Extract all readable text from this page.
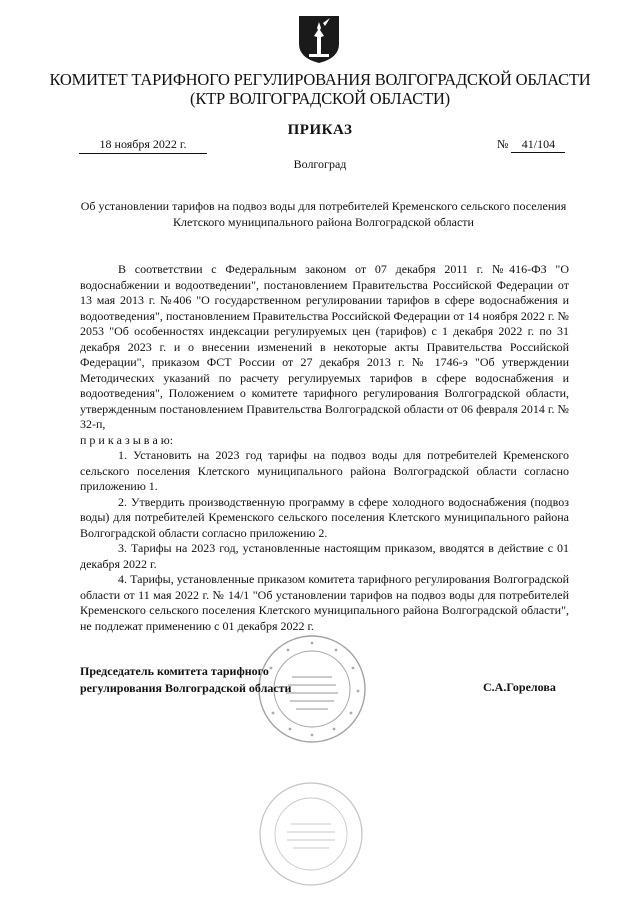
КОМИТЕТ ТАРИФНОГО РЕГУЛИРОВАНИЯ ВОЛГОГРАДСКОЙ ОБЛАСТИ
(КТР ВОЛГОГРАДСКОЙ ОБЛАСТИ)
ПРИКАЗ
18 ноября 2022 г.	№ 41/104
Волгоград
Об установлении тарифов на подвоз воды для потребителей Кременского сельского поселения Клетского муниципального района Волгоградской области

В соответствии с Федеральным законом от 07 декабря 2011 г. №416-ФЗ "О водоснабжении и водоотведении", постановлением Правительства Российской Федерации от 13 мая 2013 г. №406 "О государственном регулировании тарифов в сфере водоснабжения и водоотведения", постановлением Правительства Российской Федерации от 14 ноября 2022 г. № 2053 "Об особенностях индексации регулируемых цен (тарифов) с 1 декабря 2022 г. по 31 декабря 2023 г. и о внесении изменений в некоторые акты Правительства Российской Федерации", приказом ФСТ России от 27 декабря 2013 г. № 1746-э "Об утверждении Методических указаний по расчету регулируемых тарифов в сфере водоснабжения и водоотведения", Положением о комитете тарифного регулирования Волгоградской области, утвержденным постановлением Правительства Волгоградской области от 06 февраля 2014 г. № 32-п,

п р и к а з ы в а ю:

1. Установить на 2023 год тарифы на подвоз воды для потребителей Кременского сельского поселения Клетского муниципального района Волгоградской области согласно приложению 1.

2. Утвердить производственную программу в сфере холодного водоснабжения (подвоз воды) для потребителей Кременского сельского поселения Клетского муниципального района Волгоградской области согласно приложению 2.

3. Тарифы на 2023 год, установленные настоящим приказом, вводятся в действие с 01 декабря 2022 г.

4. Тарифы, установленные приказом комитета тарифного регулирования Волгоградской области от 11 мая 2022 г. № 14/1 "Об установлении тарифов на подвоз воды для потребителей Кременского сельского поселения Клетского муниципального района Волгоградской области", не подлежат применению с 01 декабря 2022 г.

Председатель комитета тарифного
регулирования Волгоградской области	С.А.Горелова
